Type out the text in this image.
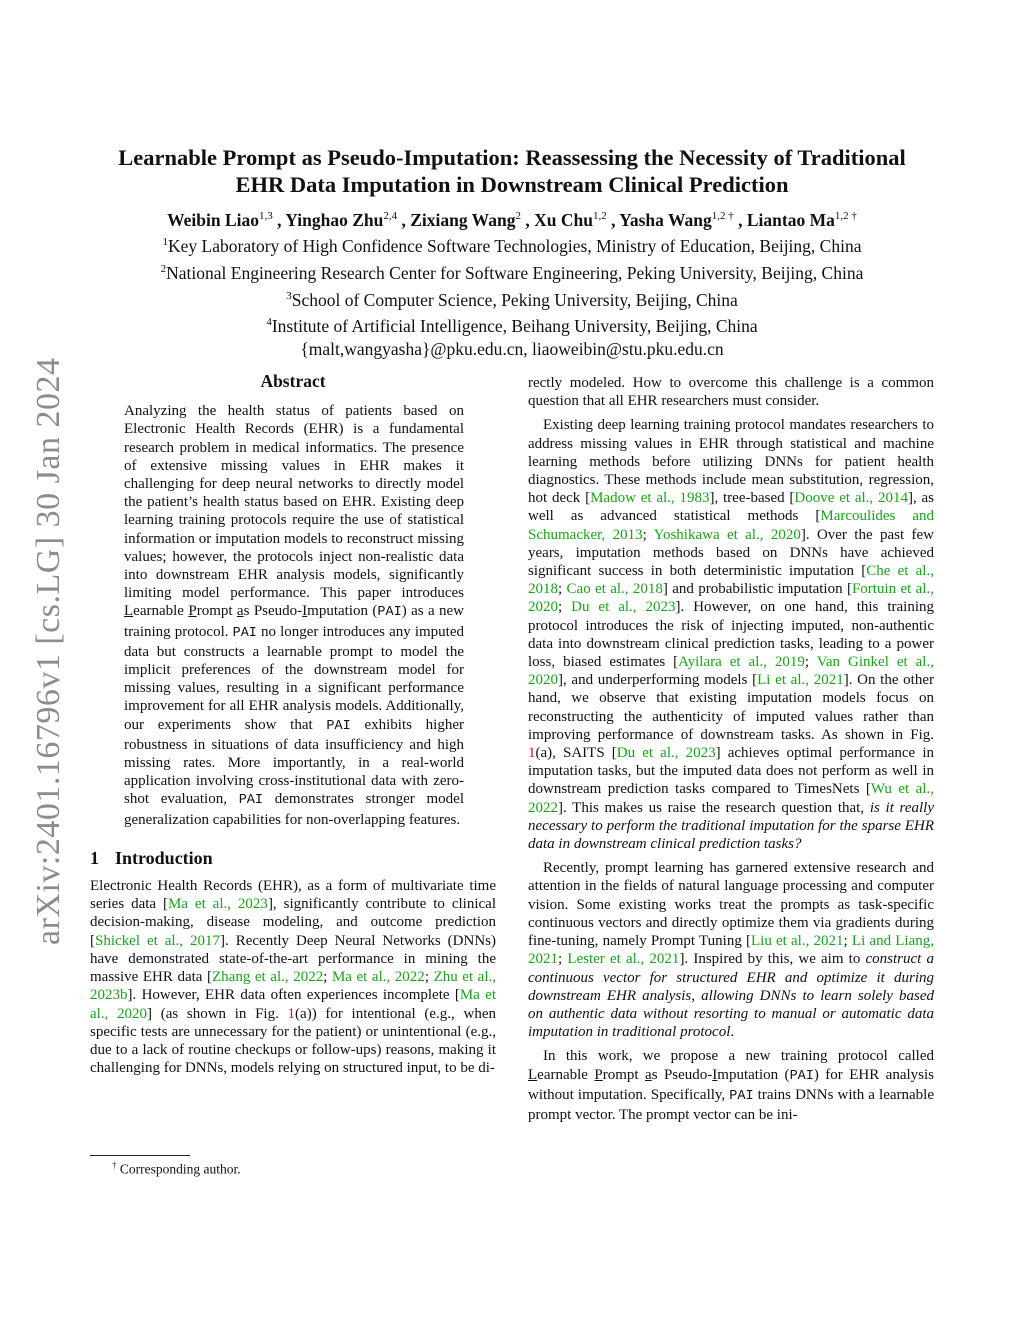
arXiv:2401.16796v1 [cs.LG] 30 Jan 2024
Learnable Prompt as Pseudo-Imputation: Reassessing the Necessity of Traditional
EHR Data Imputation in Downstream Clinical Prediction
Weibin Liao$^{1,3}$ , Yinghao Zhu$^{2,4}$ , Zixiang Wang$^2$ , Xu Chu$^{1,2}$ , Yasha Wang$^{1,2 \dagger}$ , Liantao $Ma^{1,2 \dagger}$
$^1$Key Laboratory of High Confidence Software Technologies, Ministry of Education, Beijing, China
$^2$National Engineering Research Center for Software Engineering, Peking University, Beijing, China
$^3$School of Computer Science, Peking University, Beijing, China
$^4$Institute of Artificial Intelligence, Beihang University, Beijing, China
{malt,wangyasha}@pku.edu.cn, liaoweibin@stu.pku.edu.cn
Abstract

Analyzing the health status of patients based on Electronic Health Records (EHR) is a fundamental research problem in medical informatics. The presence of extensive missing values in EHR makes it challenging for deep neural networks to directly model the patient’s health status based on EHR. Existing deep learning training protocols require the use of statistical information or imputation models to reconstruct missing values; however, the protocols inject non-realistic data into downstream EHR analysis models, significantly limiting model performance. This paper introduces Learnable Prompt as Pseudo-Imputation (PAI) as a new training protocol. PAI no longer introduces any imputed data but constructs a learnable prompt to model the implicit preferences of the downstream model for missing values, resulting in a significant performance improvement for all EHR analysis models. Additionally, our experiments show that PAI exhibits higher robustness in situations of data insufficiency and high missing rates. More importantly, in a real-world application involving cross-institutional data with zero-shot evaluation, PAI demonstrates stronger model generalization capabilities for non-overlapping features.

1 Introduction

Electronic Health Records (EHR), as a form of multivariate time series data [Ma et al., 2023], significantly contribute to clinical decision-making, disease modeling, and outcome prediction [Shickel et al., 2017]. Recently Deep Neural Networks (DNNs) have demonstrated state-of-the-art performance in mining the massive EHR data [Zhang et al., 2022; Ma et al., 2022; Zhu et al., 2023b]. However, EHR data often experiences incomplete [Ma et al., 2020] (as shown in Fig. 1(a)) for intentional (e.g., when specific tests are unnecessary for the patient) or unintentional (e.g., due to a lack of routine checkups or follow-ups) reasons, making it challenging for DNNs, models relying on structured input, to be di-

† Corresponding author.

rectly modeled. How to overcome this challenge is a common question that all EHR researchers must consider.

Existing deep learning training protocol mandates researchers to address missing values in EHR through statistical and machine learning methods before utilizing DNNs for patient health diagnostics. These methods include mean substitution, regression, hot deck [Madow et al., 1983], tree-based [Doove et al., 2014], as well as advanced statistical methods [Marcoulides and Schumacker, 2013; Yoshikawa et al., 2020]. Over the past few years, imputation methods based on DNNs have achieved significant success in both deterministic imputation [Che et al., 2018; Cao et al., 2018] and probabilistic imputation [Fortuin et al., 2020; Du et al., 2023]. However, on one hand, this training protocol introduces the risk of injecting imputed, non-authentic data into downstream clinical prediction tasks, leading to a power loss, biased estimates [Ayilara et al., 2019; Van Ginkel et al., 2020], and underperforming models [Li et al., 2021]. On the other hand, we observe that existing imputation models focus on reconstructing the authenticity of imputed values rather than improving performance of downstream tasks. As shown in Fig. 1(a), SAITS [Du et al., 2023] achieves optimal performance in imputation tasks, but the imputed data does not perform as well in downstream prediction tasks compared to TimesNets [Wu et al., 2022]. This makes us raise the research question that, is it really necessary to perform the traditional imputation for the sparse EHR data in downstream clinical prediction tasks?

Recently, prompt learning has garnered extensive research and attention in the fields of natural language processing and computer vision. Some existing works treat the prompts as task-specific continuous vectors and directly optimize them via gradients during fine-tuning, namely Prompt Tuning [Liu et al., 2021; Li and Liang, 2021; Lester et al., 2021]. Inspired by this, we aim to construct a continuous vector for structured EHR and optimize it during downstream EHR analysis, allowing DNNs to learn solely based on authentic data without resorting to manual or automatic data imputation in traditional protocol.

In this work, we propose a new training protocol called Learnable Prompt as Pseudo-Imputation (PAI) for EHR analysis without imputation. Specifically, PAI trains DNNs with a learnable prompt vector. The prompt vector can be ini-
